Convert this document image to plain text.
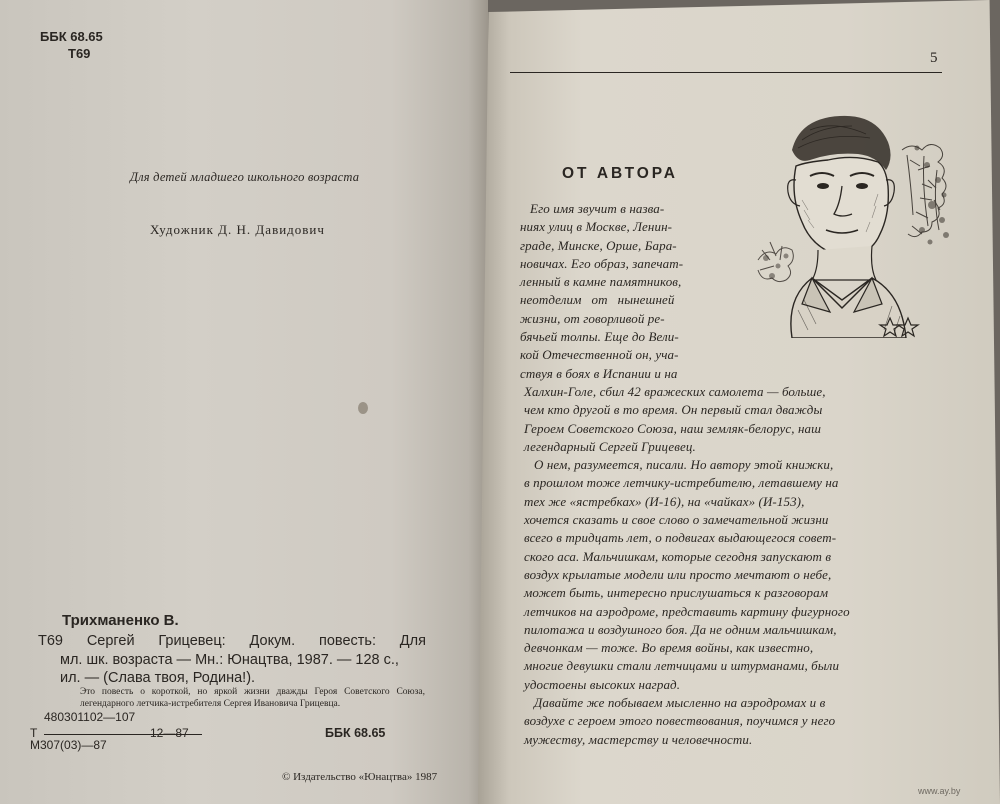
ББК 68.65
Т69
Для детей младшего школьного возраста
Художник Д. Н. Давидович
Трихманенко В.
Т69 Сергей Грицевец: Докум. повесть: Для
мл. шк. возраста — Мн.: Юнацтва, 1987. — 128 с.,
ил. — (Слава твоя, Родина!).
Это повесть о короткой, но яркой жизни дважды Героя Советского Союза, легендарного летчика-истребителя Сергея Ивановича Грицевца.
480301102—107
Т	12—87
М307(03)—87
ББК 68.65
© Издательство «Юнацтва» 1987
5
ОТ АВТОРА
Его имя звучит в назва-
ниях улиц в Москве, Ленин-
граде, Минске, Орше, Бара-
новичах. Его образ, запечат-
ленный в камне памятников,
неотделим   от   нынешней
жизни, от говорливой ре-
бячьей толпы. Еще до Вели-
кой Отечественной он, уча-
ствуя в боях в Испании и на
Халхин-Голе, сбил 42 вражеских самолета — больше,
чем кто другой в то время. Он первый стал дважды
Героем Советского Союза, наш земляк-белорус, наш
легендарный Сергей Грицевец.
О нем, разумеется, писали. Но автору этой книжки,
в прошлом тоже летчику-истребителю, летавшему на
тех же «ястребках» (И-16), на «чайках» (И-153),
хочется сказать и свое слово о замечательной жизни
всего в тридцать лет, о подвигах выдающегося совет-
ского аса. Мальчишкам, которые сегодня запускают в
воздух крылатые модели или просто мечтают о небе,
может быть, интересно прислушаться к разговорам
летчиков на аэродроме, представить картину фигурного
пилотажа и воздушного боя. Да не одним мальчишкам,
девчонкам — тоже. Во время войны, как известно,
многие девушки стали летчицами и штурманами, были
удостоены высоких наград.
Давайте же побываем мысленно на аэродромах и в
воздухе с героем этого повествования, поучимся у него
мужеству, мастерству и человечности.
www.ay.by
